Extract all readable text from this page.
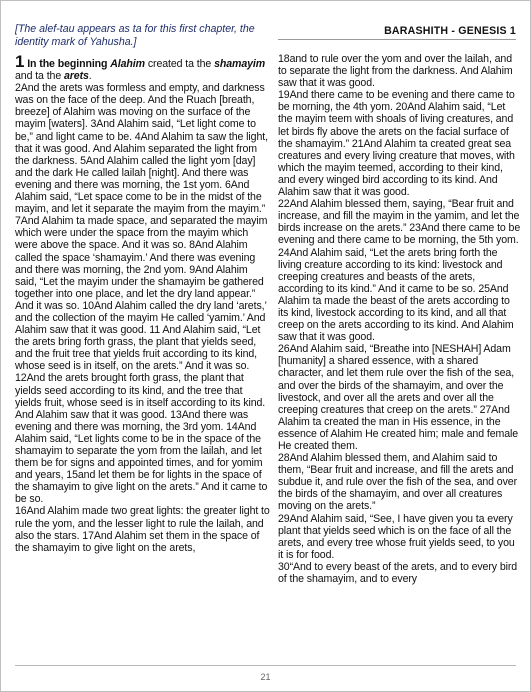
[The alef-tau appears as ta for this first chapter, the identity mark of Yahusha.]
BARASHITH - GENESIS 1

1 In the beginning Alahim created ta the shamayim and ta the arets.

2And the arets was formless and empty, and darkness was on the face of the deep. And the Ruach [breath, breeze] of Alahim was moving on the surface of the mayim [waters]. 3And Alahim said, “Let light come to be,” and light came to be. 4And Alahim ta saw the light, that it was good. And Alahim separated the light from the darkness. 5And Alahim called the light yom [day] and the dark He called lailah [night]. And there was evening and there was morning, the 1st yom. 6And Alahim said, “Let space come to be in the midst of the mayim, and let it separate the mayim from the mayim.” 7And Alahim ta made space, and separated the mayim which were under the space from the mayim which were above the space. And it was so. 8And Alahim called the space ‘shamayim.’ And there was evening and there was morning, the 2nd yom. 9And Alahim said, “Let the mayim under the shamayim be gathered together into one place, and let the dry land appear.” And it was so. 10And Alahim called the dry land ‘arets,’ and the collection of the mayim He called ‘yamim.’ And Alahim saw that it was good. 11 And Alahim said, “Let the arets bring forth grass, the plant that yields seed, and the fruit tree that yields fruit according to its kind, whose seed is in itself, on the arets.” And it was so. 12And the arets brought forth grass, the plant that yields seed according to its kind, and the tree that yields fruit, whose seed is in itself according to its kind. And Alahim saw that it was good. 13And there was evening and there was morning, the 3rd yom. 14And Alahim said, “Let lights come to be in the space of the shamayim to separate the yom from the lailah, and let them be for signs and appointed times, and for yomim and years, 15and let them be for lights in the space of the shamayim to give light on the arets.” And it came to be so.

16And Alahim made two great lights: the greater light to rule the yom, and the lesser light to rule the lailah, and also the stars. 17And Alahim set them in the space of the shamayim to give light on the arets,

18and to rule over the yom and over the lailah, and to separate the light from the darkness. And Alahim saw that it was good.

19And there came to be evening and there came to be morning, the 4th yom. 20And Alahim said, “Let the mayim teem with shoals of living creatures, and let birds fly above the arets on the facial surface of the shamayim.” 21And Alahim ta created great sea creatures and every living creature that moves, with which the mayim teemed, according to their kind, and every winged bird according to its kind. And Alahim saw that it was good.

22And Alahim blessed them, saying, “Bear fruit and increase, and fill the mayim in the yamim, and let the birds increase on the arets.” 23And there came to be evening and there came to be morning, the 5th yom.

24And Alahim said, “Let the arets bring forth the living creature according to its kind: livestock and creeping creatures and beasts of the arets, according to its kind.” And it came to be so. 25And Alahim ta made the beast of the arets according to its kind, livestock according to its kind, and all that creep on the arets according to its kind. And Alahim saw that it was good.

26And Alahim said, “Breathe into [NESHAH] Adam [humanity] a shared essence, with a shared character, and let them rule over the fish of the sea, and over the birds of the shamayim, and over the livestock, and over all the arets and over all the creeping creatures that creep on the arets.” 27And Alahim ta created the man in His essence, in the essence of Alahim He created him; male and female He created them.

28And Alahim blessed them, and Alahim said to them, “Bear fruit and increase, and fill the arets and subdue it, and rule over the fish of the sea, and over the birds of the shamayim, and over all creatures moving on the arets.”

29And Alahim said, “See, I have given you ta every plant that yields seed which is on the face of all the arets, and every tree whose fruit yields seed, to you it is for food.

30“And to every beast of the arets, and to every bird of the shamayim, and to every

21
